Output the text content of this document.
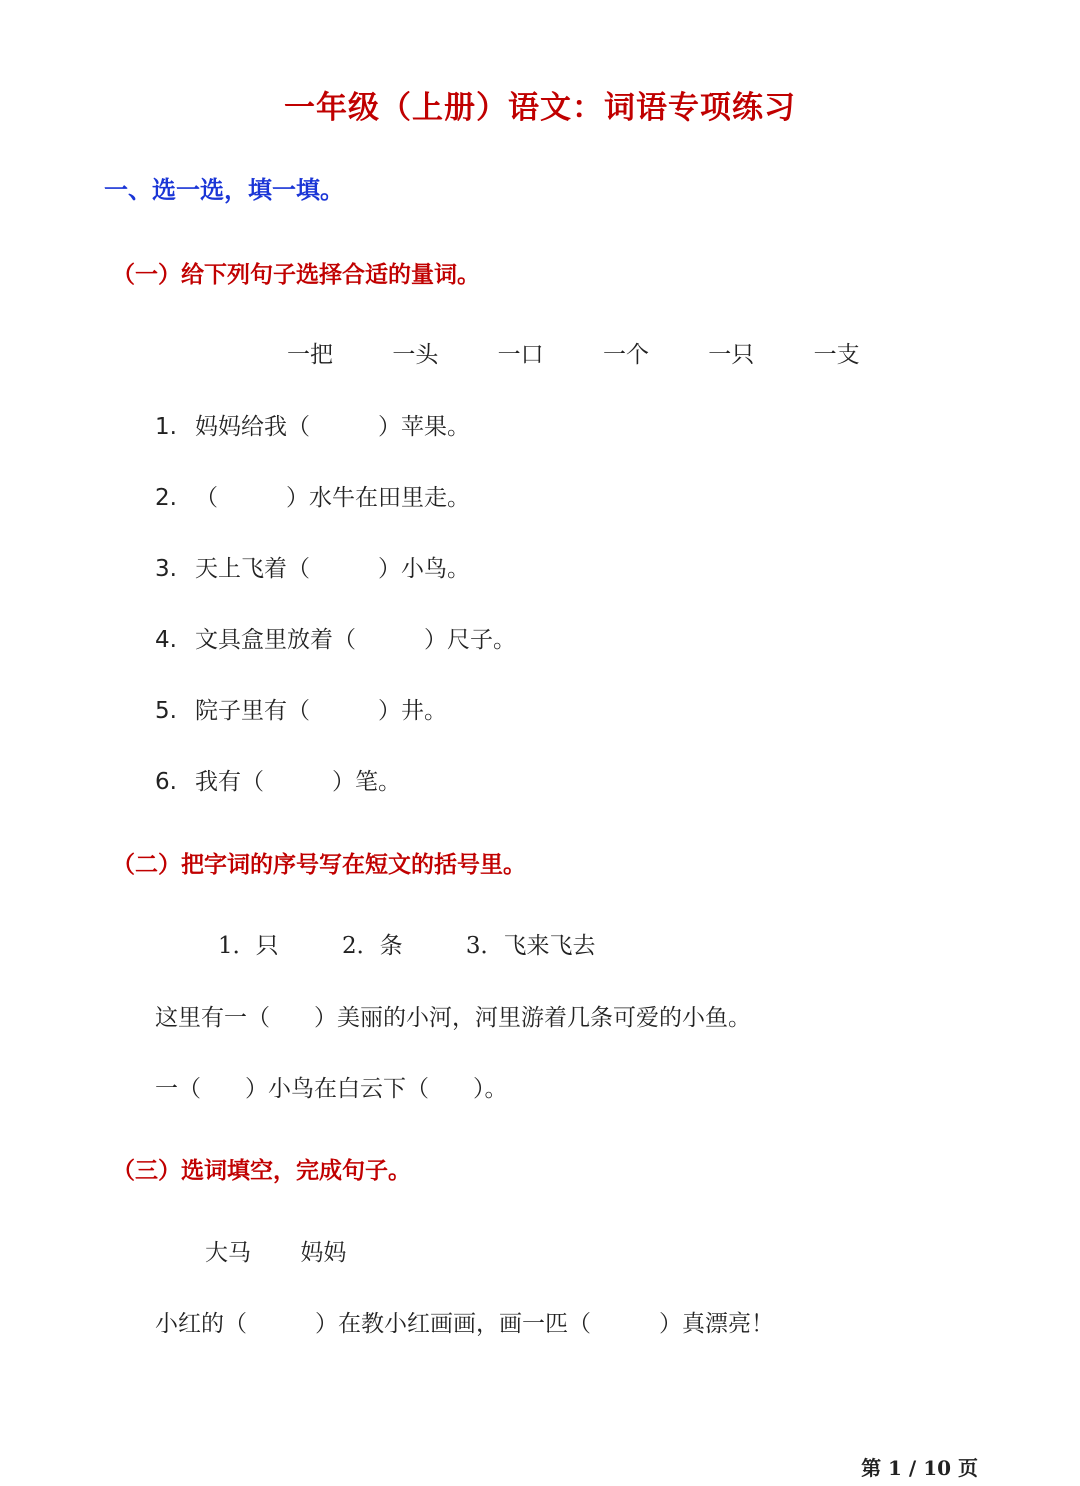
一年级（上册）语文：词语专项练习
一、选一选，填一填。
（一）给下列句子选择合适的量词。
一把	一头	一口	一个	一只	一支
1. 妈妈给我（	）苹果。
2. （	）水牛在田里走。
3. 天上飞着（	）小鸟。
4. 文具盒里放着（	）尺子。
5. 院子里有（	）井。
6. 我有（	）笔。
（二）把字词的序号写在短文的括号里。
1．只	2．条	3．飞来飞去
这里有一（ ）美丽的小河，河里游着几条可爱的小鱼。
一（ ）小鸟在白云下（ ）。
（三）选词填空，完成句子。
大马 妈妈
小红的（	）在教小红画画，画一匹（	）真漂亮！
第 1 / 10 页
